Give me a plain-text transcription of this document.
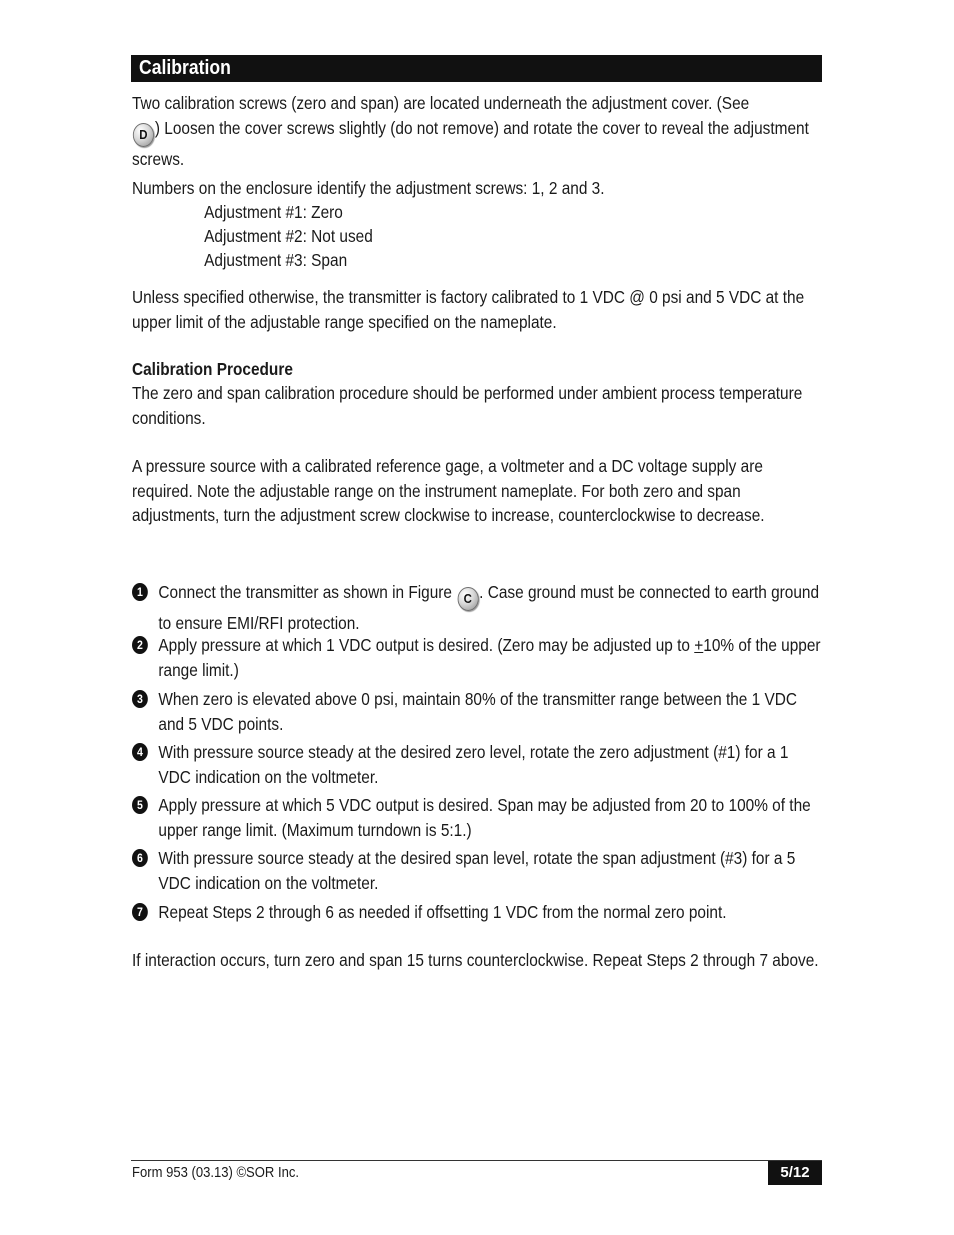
Calibration
Two calibration screws (zero and span) are located underneath the adjustment cover. (See
D ) Loosen the cover screws slightly (do not remove) and rotate the cover to reveal the adjustment screws.
Numbers on the enclosure identify the adjustment screws: 1, 2 and 3.
Adjustment #1: Zero
Adjustment #2: Not used
Adjustment #3: Span
Unless specified otherwise, the transmitter is factory calibrated to 1 VDC @ 0 psi and 5 VDC at the upper limit of the adjustable range specified on the nameplate.
Calibration Procedure
The zero and span calibration procedure should be performed under ambient process temperature conditions.
A pressure source with a calibrated reference gage, a voltmeter and a DC voltage supply are required. Note the adjustable range on the instrument nameplate. For both zero and span adjustments, turn the adjustment screw clockwise to increase, counterclockwise to decrease.
1 Connect the transmitter as shown in Figure C . Case ground must be connected to earth ground to ensure EMI/RFI protection.
2 Apply pressure at which 1 VDC output is desired. (Zero may be adjusted up to +10% of the upper range limit.)
3 When zero is elevated above 0 psi, maintain 80% of the transmitter range between the 1 VDC and 5 VDC points.
4 With pressure source steady at the desired zero level, rotate the zero adjustment (#1) for a 1 VDC indication on the voltmeter.
5 Apply pressure at which 5 VDC output is desired. Span may be adjusted from 20 to 100% of the upper range limit. (Maximum turndown is 5:1.)
6 With pressure source steady at the desired span level, rotate the span adjustment (#3) for a 5 VDC indication on the voltmeter.
7 Repeat Steps 2 through 6 as needed if offsetting 1 VDC from the normal zero point.
If interaction occurs, turn zero and span 15 turns counterclockwise. Repeat Steps 2 through 7 above.
Form 953 (03.13) ©SOR Inc.	5/12
